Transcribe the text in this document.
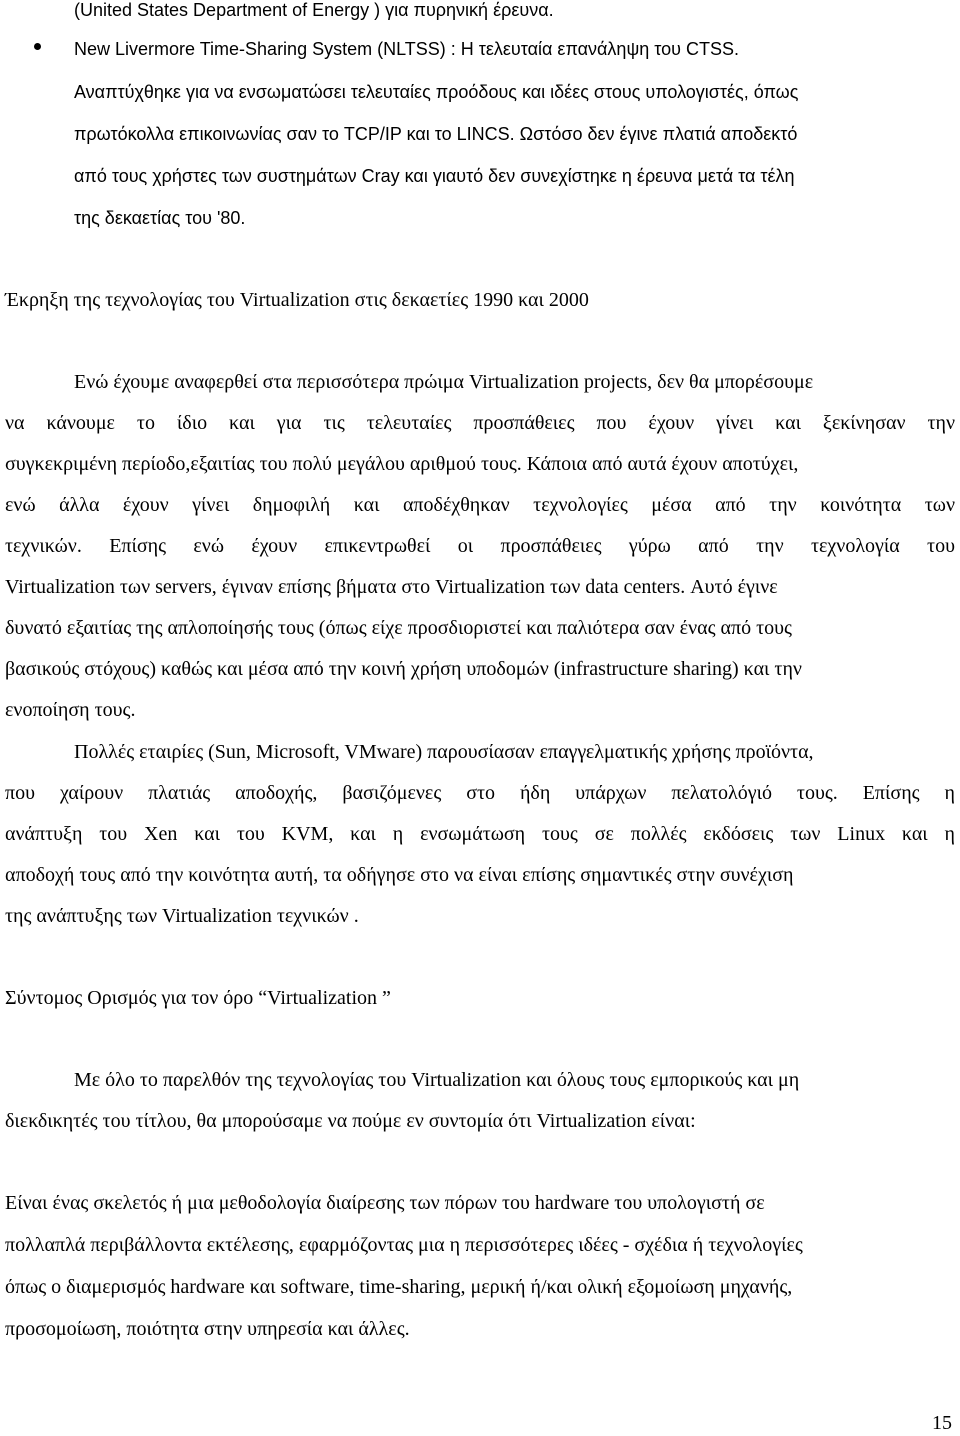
(United States Department of Energy ) για πυρηνική έρευνα.
New Livermore Time-Sharing System (NLTSS) : Η τελευταία επανάληψη του CTSS.
Αναπτύχθηκε για να ενσωματώσει τελευταίες προόδους και ιδέες στους υπολογιστές, όπως
πρωτόκολλα επικοινωνίας σαν το TCP/IP και το LINCS. Ωστόσο δεν έγινε πλατιά αποδεκτό
από τους χρήστες των συστημάτων Cray και γιαυτό δεν συνεχίστηκε η έρευνα μετά τα τέλη
της δεκαετίας του '80.
Έκρηξη της τεχνολογίας του Virtualization στις δεκαετίες 1990 και 2000
Ενώ έχουμε αναφερθεί στα περισσότερα πρώιμα Virtualization projects, δεν θα μπορέσουμε
να κάνουμε το ίδιο και για τις τελευταίες προσπάθειες που έχουν γίνει και ξεκίνησαν την
συγκεκριμένη περίοδο,εξαιτίας του πολύ μεγάλου αριθμού τους. Κάποια από αυτά έχουν αποτύχει,
ενώ άλλα έχουν γίνει δημοφιλή και αποδέχθηκαν τεχνολογίες μέσα από την κοινότητα των
τεχνικών. Επίσης ενώ έχουν επικεντρωθεί οι προσπάθειες γύρω από την τεχνολογία του
Virtualization των servers, έγιναν επίσης βήματα στο Virtualization των data centers. Αυτό έγινε
δυνατό εξαιτίας της απλοποίησής τους (όπως είχε προσδιοριστεί και παλιότερα σαν ένας από τους
βασικούς στόχους) καθώς και μέσα από την κοινή χρήση υποδομών (infrastructure sharing) και την
ενοποίηση τους.
Πολλές εταιρίες (Sun, Microsoft, VMware) παρουσίασαν επαγγελματικής χρήσης προϊόντα,
που χαίρουν πλατιάς αποδοχής, βασιζόμενες στο ήδη υπάρχων πελατολόγιό τους. Επίσης η
ανάπτυξη του Xen και του KVM, και η ενσωμάτωση τους σε πολλές εκδόσεις των Linux και η
αποδοχή τους από την κοινότητα αυτή, τα οδήγησε στο να είναι επίσης σημαντικές στην συνέχιση
της ανάπτυξης των Virtualization τεχνικών .
Σύντομος Ορισμός για τον όρο “Virtualization ”
Με όλο το παρελθόν της τεχνολογίας του Virtualization και όλους τους εμπορικούς και μη
διεκδικητές του τίτλου, θα μπορούσαμε να πούμε εν συντομία ότι Virtualization είναι:
Είναι ένας σκελετός ή μια μεθοδολογία διαίρεσης των πόρων του hardware του υπολογιστή σε
πολλαπλά περιβάλλοντα εκτέλεσης, εφαρμόζοντας μια η περισσότερες ιδέες - σχέδια ή τεχνολογίες
όπως ο διαμερισμός hardware και software, time-sharing, μερική ή/και ολική εξομοίωση μηχανής,
προσομοίωση, ποιότητα στην υπηρεσία και άλλες.
15
